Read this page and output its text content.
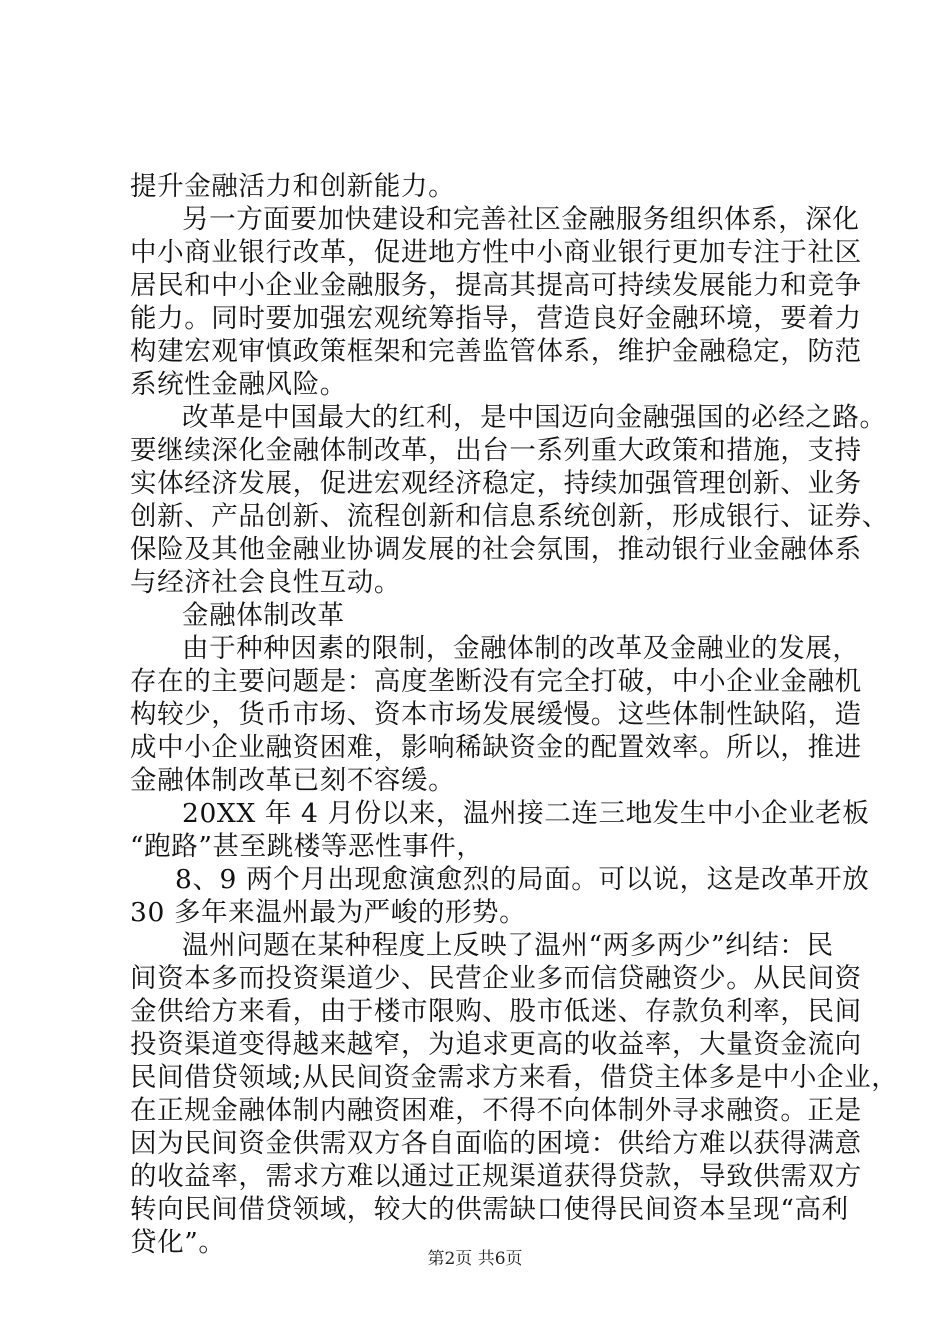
提升金融活力和创新能力。
另一方面要加快建设和完善社区金融服务组织体系，深化
中小商业银行改革，促进地方性中小商业银行更加专注于社区
居民和中小企业金融服务，提高其提高可持续发展能力和竞争
能力。同时要加强宏观统筹指导，营造良好金融环境，要着力
构建宏观审慎政策框架和完善监管体系，维护金融稳定，防范
系统性金融风险。
改革是中国最大的红利，是中国迈向金融强国的必经之路。
要继续深化金融体制改革，出台一系列重大政策和措施，支持
实体经济发展，促进宏观经济稳定，持续加强管理创新、业务
创新、产品创新、流程创新和信息系统创新，形成银行、证券、
保险及其他金融业协调发展的社会氛围，推动银行业金融体系
与经济社会良性互动。
金融体制改革
由于种种因素的限制，金融体制的改革及金融业的发展，
存在的主要问题是：高度垄断没有完全打破，中小企业金融机
构较少，货币市场、资本市场发展缓慢。这些体制性缺陷，造
成中小企业融资困难，影响稀缺资金的配置效率。所以，推进
金融体制改革已刻不容缓。
20XX 年 4 月份以来，温州接二连三地发生中小企业老板
“跑路”甚至跳楼等恶性事件，
8、9 两个月出现愈演愈烈的局面。可以说，这是改革开放
30 多年来温州最为严峻的形势。
温州问题在某种程度上反映了温州“两多两少”纠结：民
间资本多而投资渠道少、民营企业多而信贷融资少。从民间资
金供给方来看，由于楼市限购、股市低迷、存款负利率，民间
投资渠道变得越来越窄，为追求更高的收益率，大量资金流向
民间借贷领域;从民间资金需求方来看，借贷主体多是中小企业，
在正规金融体制内融资困难，不得不向体制外寻求融资。正是
因为民间资金供需双方各自面临的困境：供给方难以获得满意
的收益率，需求方难以通过正规渠道获得贷款，导致供需双方
转向民间借贷领域，较大的供需缺口使得民间资本呈现“高利
贷化”。
第2页 共6页
